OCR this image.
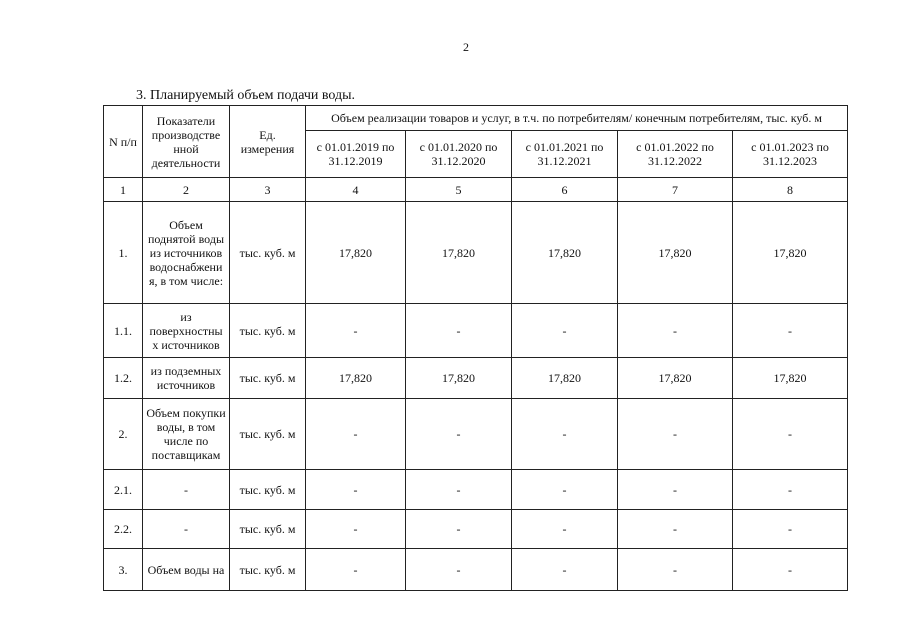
2
3. Планируемый объем подачи воды.
N п/п	Показатели производстве нной деятельности	Ед. измерения	Объем реализации товаров и услуг, в т.ч. по потребителям/ конечным потребителям, тыс. куб. м				
			с 01.01.2019 по 31.12.2019	с 01.01.2020 по 31.12.2020	с 01.01.2021 по 31.12.2021	с 01.01.2022 по 31.12.2022	с 01.01.2023 по 31.12.2023
1	2	3	4	5	6	7	8
1.	Объем поднятой воды из источников водоснабжени я, в том числе:	тыс. куб. м	17,820	17,820	17,820	17,820	17,820
1.1.	из поверхностны х источников	тыс. куб. м	-	-	-	-	-
1.2.	из подземных источников	тыс. куб. м	17,820	17,820	17,820	17,820	17,820
2.	Объем покупки воды, в том числе по поставщикам	тыс. куб. м	-	-	-	-	-
2.1.	-	тыс. куб. м	-	-	-	-	-
2.2.	-	тыс. куб. м	-	-	-	-	-
3.	Объем воды на	тыс. куб. м	-	-	-	-	-
